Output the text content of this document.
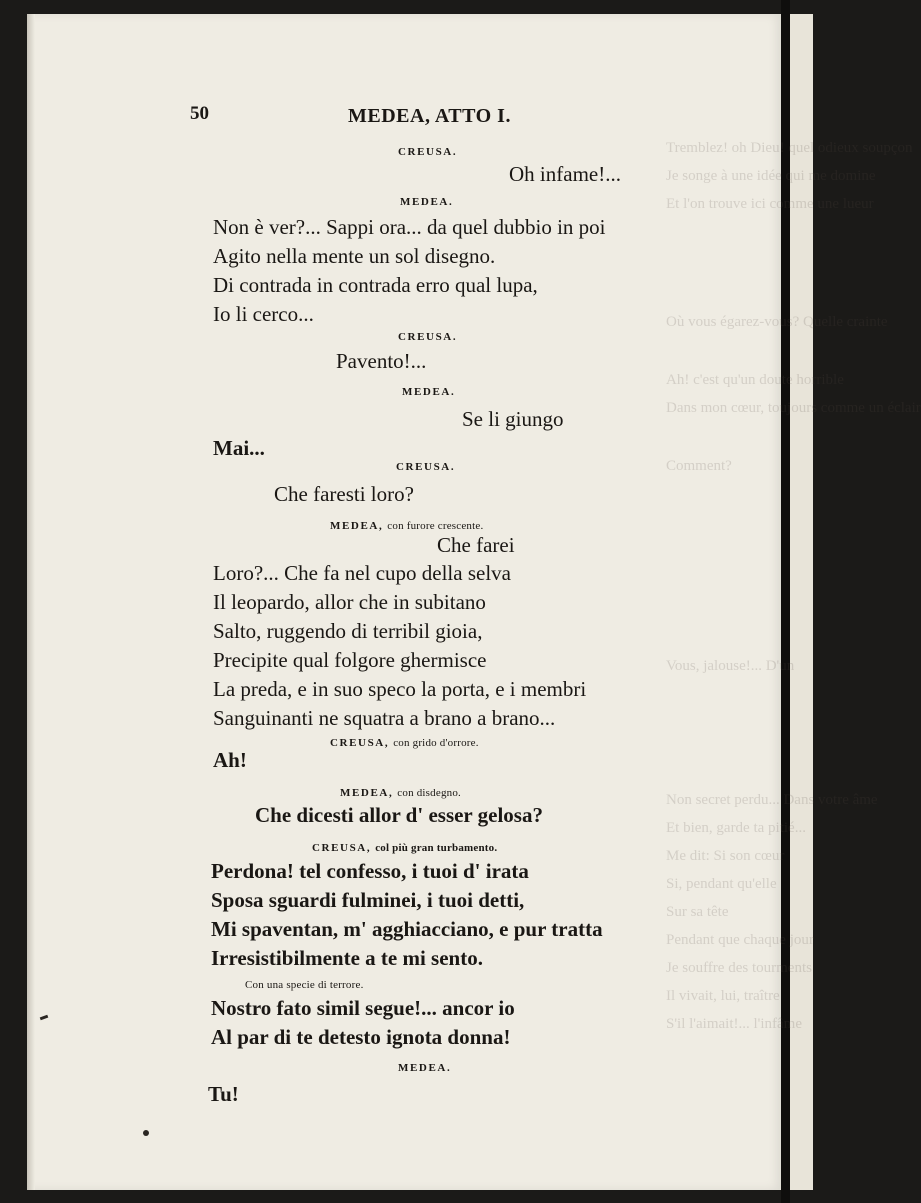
odieux soupçon
me domine
une lueur
Quelle crainte
horrible
comme un éclair
votre âme
50	MEDEA, ATTO I.
CREUSA.
Oh infame!...
MEDEA.
Non è ver?... Sappi ora... da quel dubbio in poi
Agito nella mente un sol disegno.
Di contrada in contrada erro qual lupa,
Io li cerco...
CREUSA.
Pavento!...
MEDEA.
Se li giungo
Mai...
CREUSA.
Che faresti loro?
MEDEA, con furore crescente.
Che farei
Loro?... Che fa nel cupo della selva
Il leopardo, allor che in subitano
Salto, ruggendo di terribil gioia,
Precipite qual folgore ghermisce
La preda, e in suo speco la porta, e i membri
Sanguinanti ne squatra a brano a brano...
CREUSA, con grido d'orrore.
Ah!
MEDEA, con disdegno.
Che dicesti allor d' esser gelosa?
CREUSA, col più gran turbamento.
Perdona! tel confesso, i tuoi d' irata
Sposa sguardi fulminei, i tuoi detti,
Mi spaventan, m' agghiacciano, e pur tratta
Irresistibilmente a te mi sento.
Con una specie di terrore.
Nostro fato simil segue!... ancor io
Al par di te detesto ignota donna!
MEDEA.
Tu!
